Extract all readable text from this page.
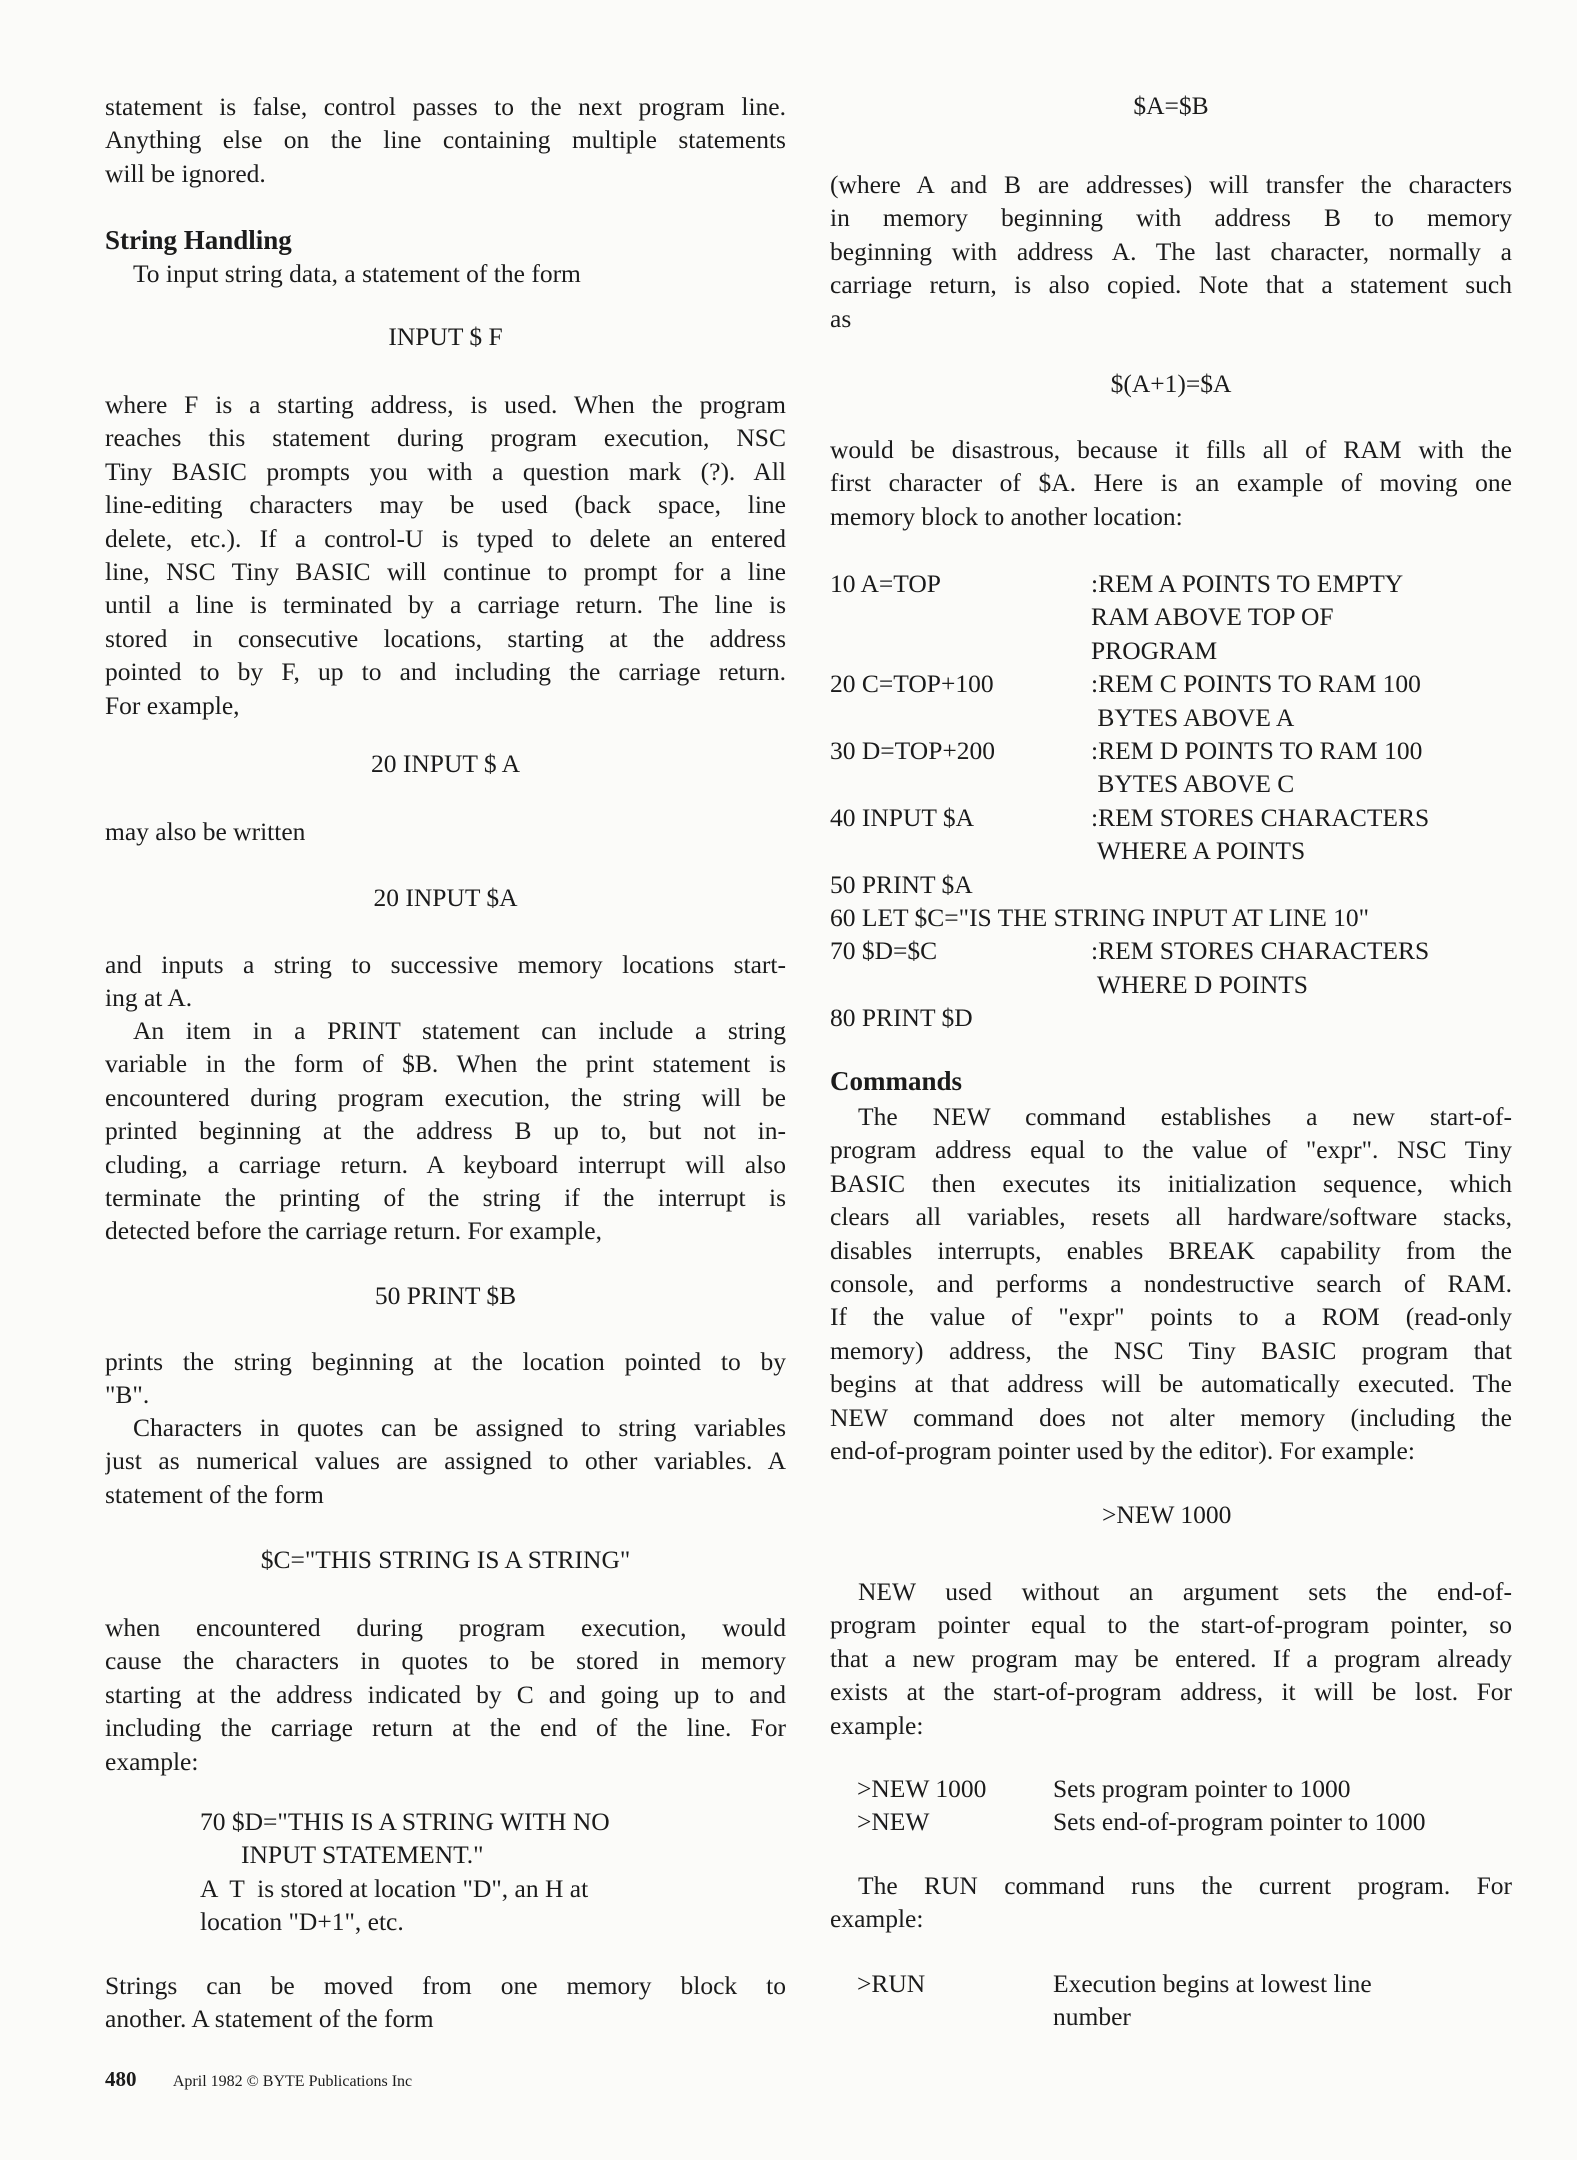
statement is false, control passes to the next program line.
Anything else on the line containing multiple statements
will be ignored.
String Handling
To input string data, a statement of the form
INPUT $ F
where F is a starting address, is used. When the program
reaches this statement during program execution, NSC
Tiny BASIC prompts you with a question mark (?). All
line-editing characters may be used (back space, line
delete, etc.). If a control-U is typed to delete an entered
line, NSC Tiny BASIC will continue to prompt for a line
until a line is terminated by a carriage return. The line is
stored in consecutive locations, starting at the address
pointed to by F, up to and including the carriage return.
For example,
20 INPUT $ A
may also be written
20 INPUT $A
and inputs a string to successive memory locations start-
ing at A.
An item in a PRINT statement can include a string
variable in the form of $B. When the print statement is
encountered during program execution, the string will be
printed beginning at the address B up to, but not in-
cluding, a carriage return. A keyboard interrupt will also
terminate the printing of the string if the interrupt is
detected before the carriage return. For example,
50 PRINT $B
prints the string beginning at the location pointed to by
"B".
Characters in quotes can be assigned to string variables
just as numerical values are assigned to other variables. A
statement of the form
$C="THIS STRING IS A STRING"
when encountered during program execution, would
cause the characters in quotes to be stored in memory
starting at the address indicated by C and going up to and
including the carriage return at the end of the line. For
example:
70 $D="THIS IS A STRING WITH NO
INPUT STATEMENT."
A  T  is stored at location "D", an H at
location "D+1", etc.
Strings can be moved from one memory block to
another. A statement of the form
$A=$B
(where A and B are addresses) will transfer the characters
in memory beginning with address B to memory
beginning with address A. The last character, normally a
carriage return, is also copied. Note that a statement such
as
$(A+1)=$A
would be disastrous, because it fills all of RAM with the
first character of $A. Here is an example of moving one
memory block to another location:
10 A=TOP	:REM A POINTS TO EMPTY
RAM ABOVE TOP OF
PROGRAM
20 C=TOP+100	:REM C POINTS TO RAM 100
BYTES ABOVE A
30 D=TOP+200	:REM D POINTS TO RAM 100
BYTES ABOVE C
40 INPUT $A	:REM STORES CHARACTERS
WHERE A POINTS
50 PRINT $A
60 LET $C="IS THE STRING INPUT AT LINE 10"
70 $D=$C	:REM STORES CHARACTERS
WHERE D POINTS
80 PRINT $D
Commands
The NEW command establishes a new start-of-
program address equal to the value of "expr". NSC Tiny
BASIC then executes its initialization sequence, which
clears all variables, resets all hardware/software stacks,
disables interrupts, enables BREAK capability from the
console, and performs a nondestructive search of RAM.
If the value of "expr" points to a ROM (read-only
memory) address, the NSC Tiny BASIC program that
begins at that address will be automatically executed. The
NEW command does not alter memory (including the
end-of-program pointer used by the editor). For example:
>NEW 1000
NEW used without an argument sets the end-of-
program pointer equal to the start-of-program pointer, so
that a new program may be entered. If a program already
exists at the start-of-program address, it will be lost. For
example:
>NEW 1000	Sets program pointer to 1000
>NEW	Sets end-of-program pointer to 1000
The RUN command runs the current program. For
example:
>RUN	Execution begins at lowest line
number
480 April 1982 © BYTE Publications Inc
